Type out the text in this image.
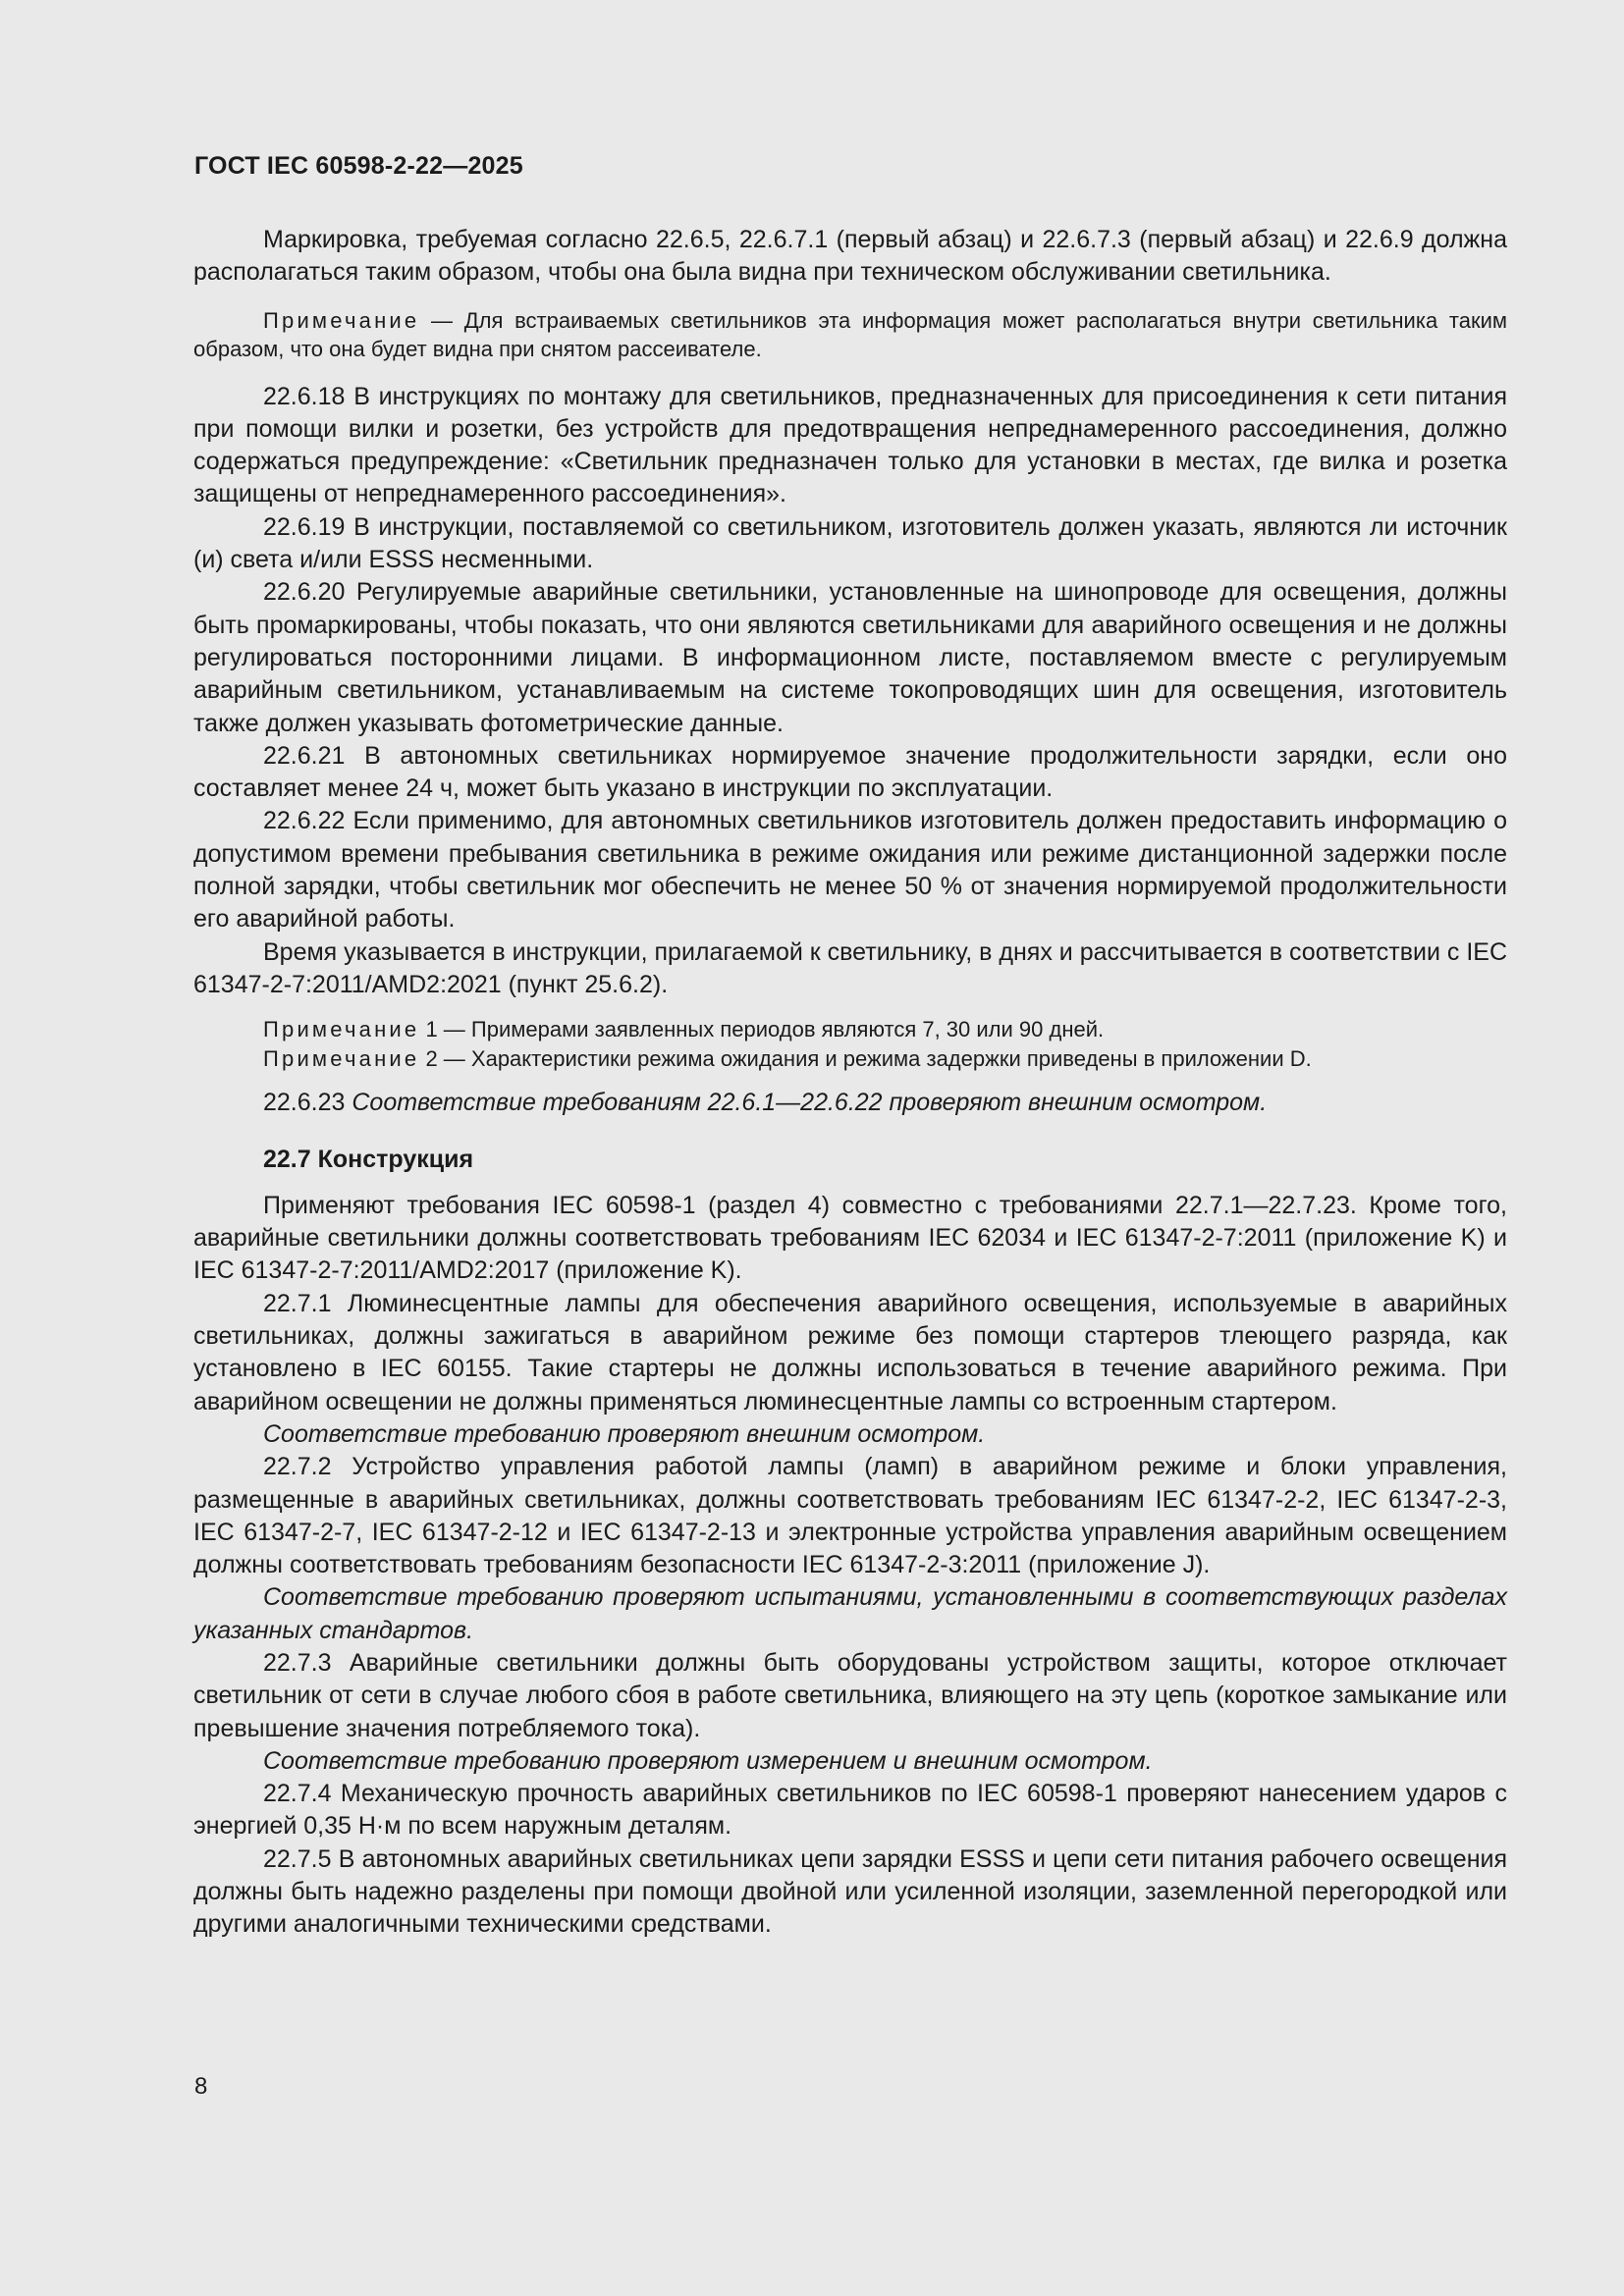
ГОСТ IEC 60598-2-22—2025

Маркировка, требуемая согласно 22.6.5, 22.6.7.1 (первый абзац) и 22.6.7.3 (первый абзац) и 22.6.9 должна располагаться таким образом, чтобы она была видна при техническом обслуживании светильника.

Примечание — Для встраиваемых светильников эта информация может располагаться внутри светильника таким образом, что она будет видна при снятом рассеивателе.

22.6.18 В инструкциях по монтажу для светильников, предназначенных для присоединения к сети питания при помощи вилки и розетки, без устройств для предотвращения непреднамеренного рассоединения, должно содержаться предупреждение: «Светильник предназначен только для установки в местах, где вилка и розетка защищены от непреднамеренного рассоединения».

22.6.19 В инструкции, поставляемой со светильником, изготовитель должен указать, являются ли источник (и) света и/или ESSS несменными.

22.6.20 Регулируемые аварийные светильники, установленные на шинопроводе для освещения, должны быть промаркированы, чтобы показать, что они являются светильниками для аварийного освещения и не должны регулироваться посторонними лицами. В информационном листе, поставляемом вместе с регулируемым аварийным светильником, устанавливаемым на системе токопроводящих шин для освещения, изготовитель также должен указывать фотометрические данные.

22.6.21 В автономных светильниках нормируемое значение продолжительности зарядки, если оно составляет менее 24 ч, может быть указано в инструкции по эксплуатации.

22.6.22 Если применимо, для автономных светильников изготовитель должен предоставить информацию о допустимом времени пребывания светильника в режиме ожидания или режиме дистанционной задержки после полной зарядки, чтобы светильник мог обеспечить не менее 50 % от значения нормируемой продолжительности его аварийной работы.

Время указывается в инструкции, прилагаемой к светильнику, в днях и рассчитывается в соответствии с IEC 61347-2-7:2011/AMD2:2021 (пункт 25.6.2).

Примечание 1 — Примерами заявленных периодов являются 7, 30 или 90 дней.

Примечание 2 — Характеристики режима ожидания и режима задержки приведены в приложении D.

22.6.23 Соответствие требованиям 22.6.1—22.6.22 проверяют внешним осмотром.

22.7 Конструкция

Применяют требования IEC 60598-1 (раздел 4) совместно с требованиями 22.7.1—22.7.23. Кроме того, аварийные светильники должны соответствовать требованиям IEC 62034 и IEC 61347-2-7:2011 (приложение K) и IEC 61347-2-7:2011/AMD2:2017 (приложение K).

22.7.1 Люминесцентные лампы для обеспечения аварийного освещения, используемые в аварийных светильниках, должны зажигаться в аварийном режиме без помощи стартеров тлеющего разряда, как установлено в IEC 60155. Такие стартеры не должны использоваться в течение аварийного режима. При аварийном освещении не должны применяться люминесцентные лампы со встроенным стартером.

Соответствие требованию проверяют внешним осмотром.

22.7.2 Устройство управления работой лампы (ламп) в аварийном режиме и блоки управления, размещенные в аварийных светильниках, должны соответствовать требованиям IEC 61347-2-2, IEC 61347-2-3, IEC 61347-2-7, IEC 61347-2-12 и IEC 61347-2-13 и электронные устройства управления аварийным освещением должны соответствовать требованиям безопасности IEC 61347-2-3:2011 (приложение J).

Соответствие требованию проверяют испытаниями, установленными в соответствующих разделах указанных стандартов.

22.7.3 Аварийные светильники должны быть оборудованы устройством защиты, которое отключает светильник от сети в случае любого сбоя в работе светильника, влияющего на эту цепь (короткое замыкание или превышение значения потребляемого тока).

Соответствие требованию проверяют измерением и внешним осмотром.

22.7.4 Механическую прочность аварийных светильников по IEC 60598-1 проверяют нанесением ударов с энергией 0,35 Н·м по всем наружным деталям.

22.7.5 В автономных аварийных светильниках цепи зарядки ESSS и цепи сети питания рабочего освещения должны быть надежно разделены при помощи двойной или усиленной изоляции, заземленной перегородкой или другими аналогичными техническими средствами.

8
